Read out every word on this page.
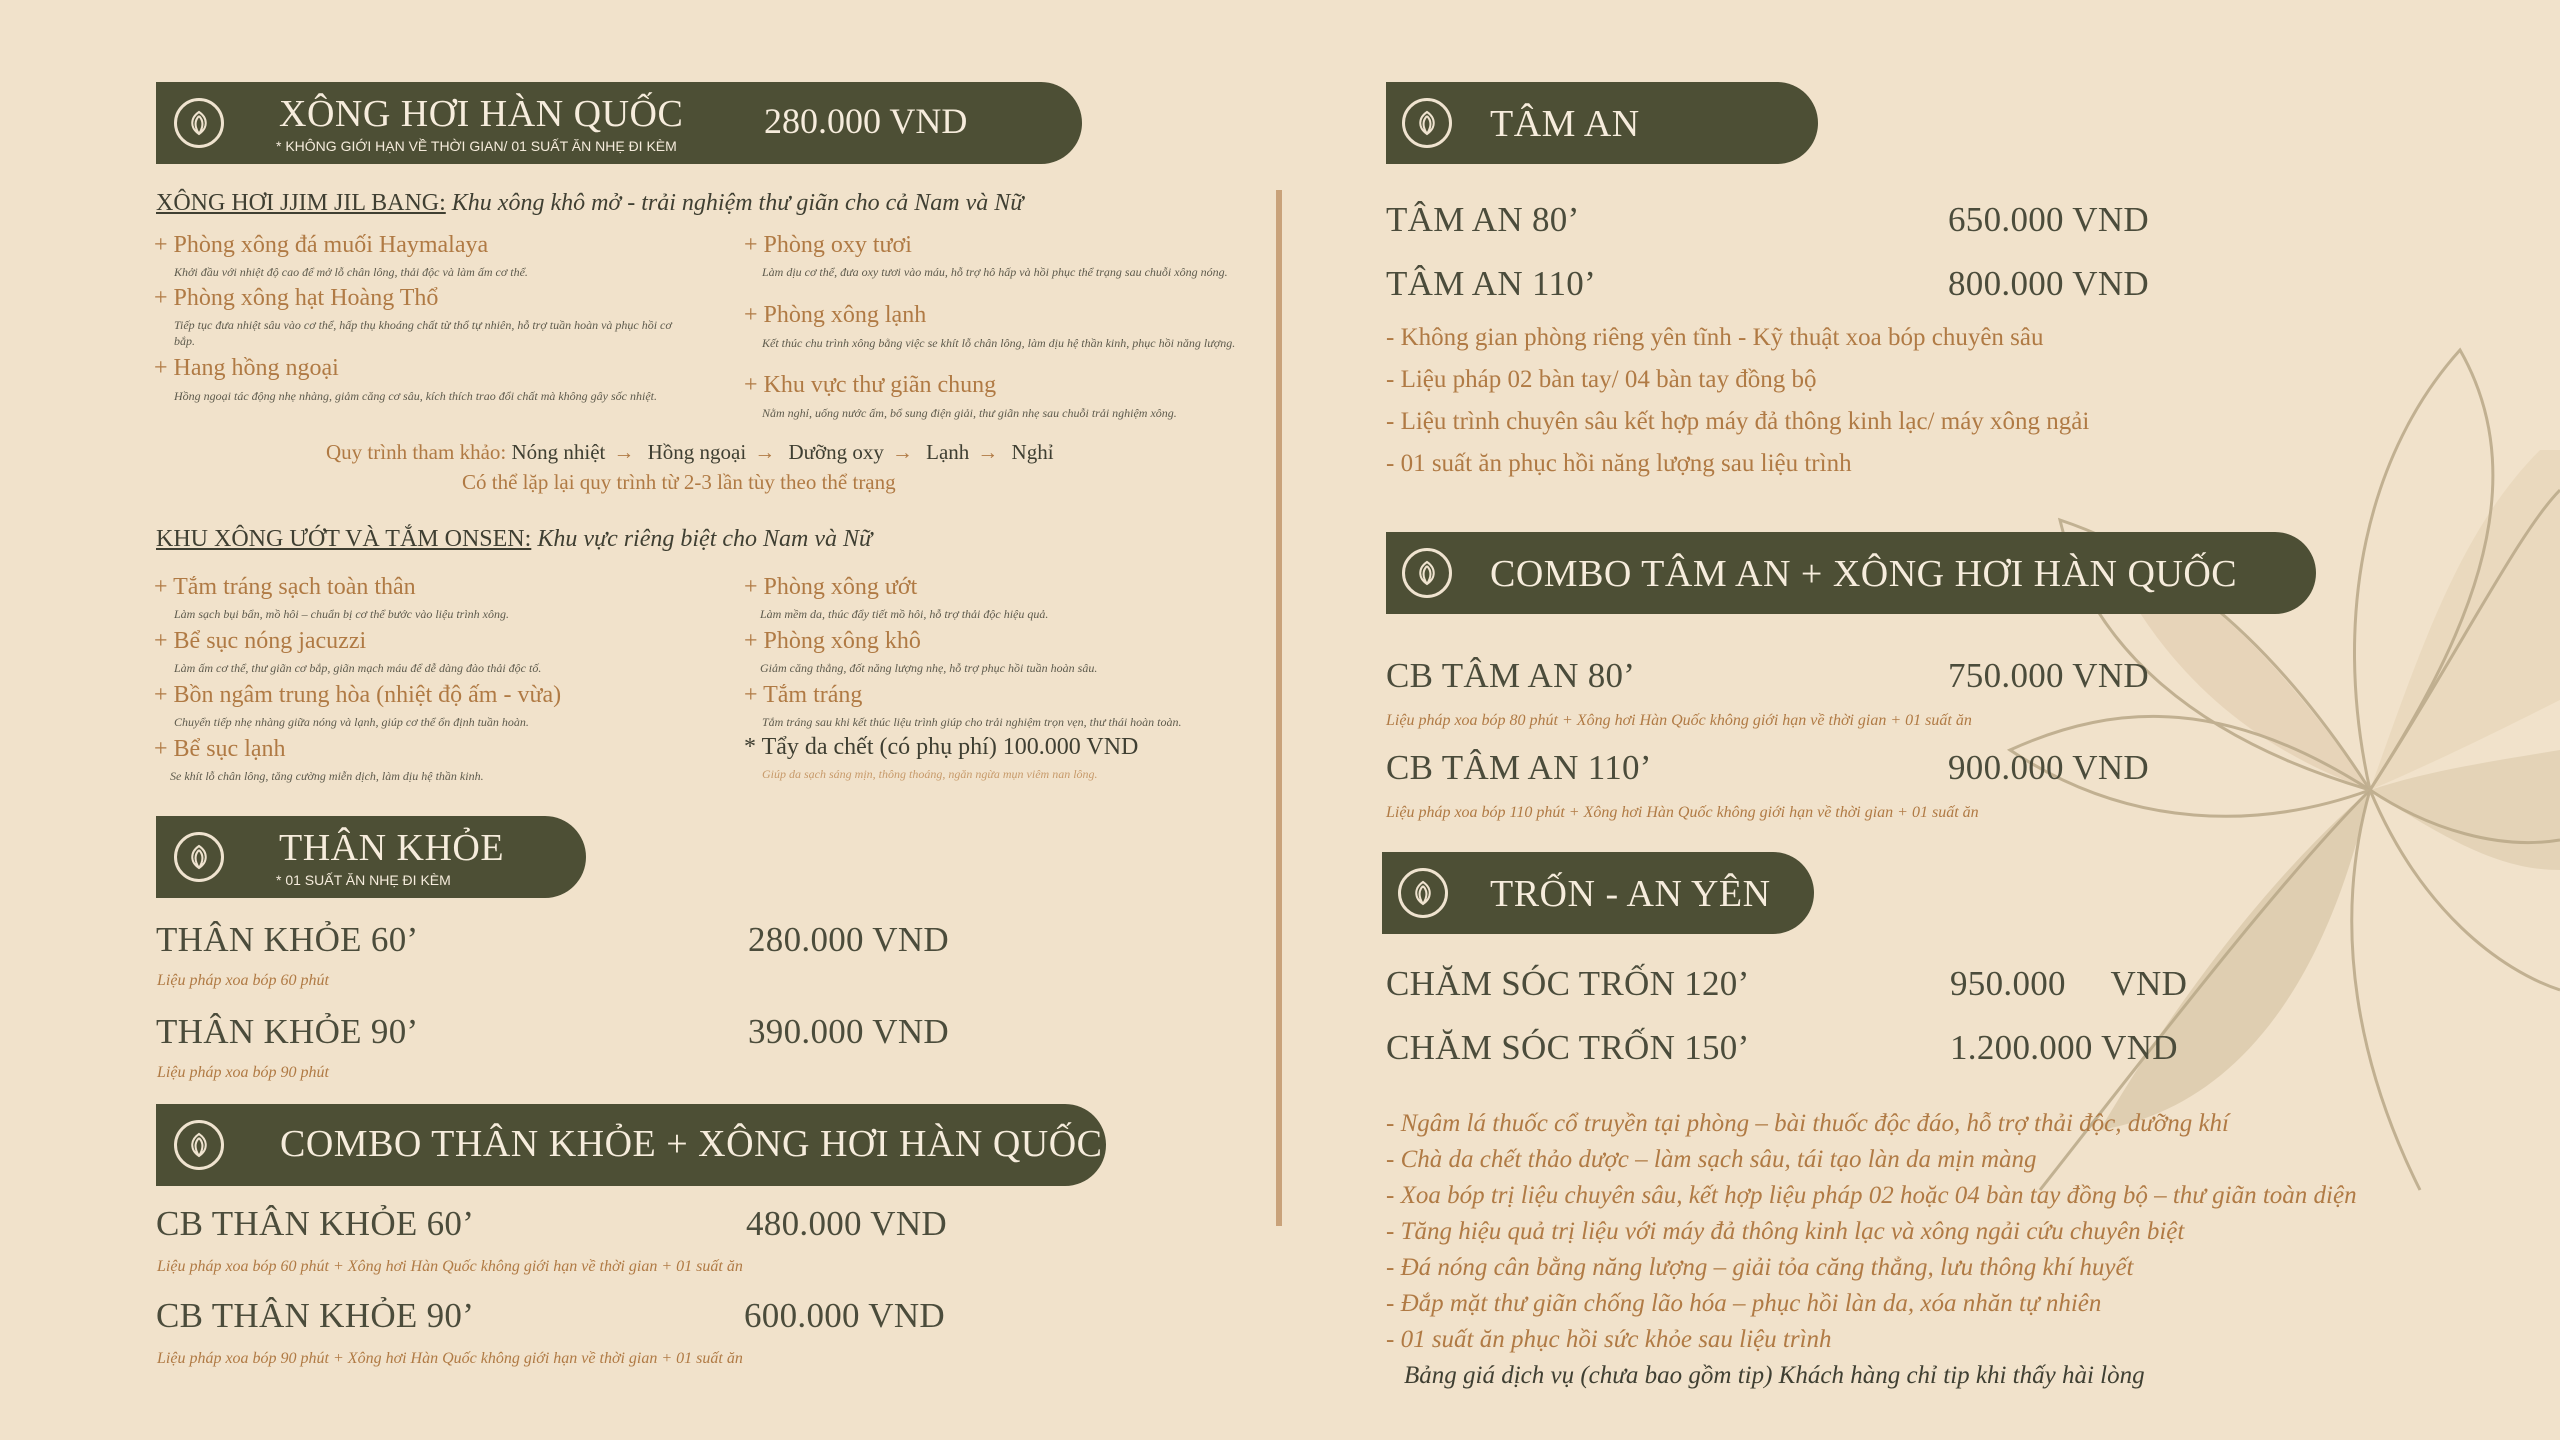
XÔNG HƠI HÀN QUỐC
* KHÔNG GIỚI HẠN VỀ THỜI GIAN/ 01 SUẤT ĂN NHẸ ĐI KÈM
280.000 VND
XÔNG HƠI JJIM JIL BANG: Khu xông khô mở - trải nghiệm thư giãn cho cả Nam và Nữ
+ Phòng xông đá muối Haymalaya
Khởi đầu với nhiệt độ cao để mở lỗ chân lông, thải độc và làm ấm cơ thể.
+ Phòng xông hạt Hoàng Thổ
Tiếp tục đưa nhiệt sâu vào cơ thể, hấp thụ khoáng chất từ thổ tự nhiên, hỗ trợ tuần hoàn và phục hồi cơ bắp.
+ Hang hồng ngoại
Hồng ngoại tác động nhẹ nhàng, giảm căng cơ sâu, kích thích trao đổi chất mà không gây sốc nhiệt.
+ Phòng oxy tươi
Làm dịu cơ thể, đưa oxy tươi vào máu, hỗ trợ hô hấp và hồi phục thể trạng sau chuỗi xông nóng.
+ Phòng xông lạnh
Kết thúc chu trình xông bằng việc se khít lỗ chân lông, làm dịu hệ thần kinh, phục hồi năng lượng.
+ Khu vực thư giãn chung
Nằm nghỉ, uống nước ấm, bổ sung điện giải, thư giãn nhẹ sau chuỗi trải nghiệm xông.
Quy trình tham khảo: Nóng nhiệt → Hồng ngoại → Dưỡng oxy → Lạnh → Nghỉ
Có thể lặp lại quy trình từ 2-3 lần tùy theo thể trạng
KHU XÔNG ƯỚT VÀ TẮM ONSEN: Khu vực riêng biệt cho Nam và Nữ
+ Tắm tráng sạch toàn thân
Làm sạch bụi bẩn, mồ hôi – chuẩn bị cơ thể bước vào liệu trình xông.
+ Bể sục nóng jacuzzi
Làm ấm cơ thể, thư giãn cơ bắp, giãn mạch máu để dễ dàng đào thải độc tố.
+ Bồn ngâm trung hòa (nhiệt độ ấm - vừa)
Chuyển tiếp nhẹ nhàng giữa nóng và lạnh, giúp cơ thể ổn định tuần hoàn.
+ Bể sục lạnh
Se khít lỗ chân lông, tăng cường miễn dịch, làm dịu hệ thần kinh.
+ Phòng xông ướt
Làm mềm da, thúc đẩy tiết mồ hôi, hỗ trợ thải độc hiệu quả.
+ Phòng xông khô
Giảm căng thẳng, đốt năng lượng nhẹ, hỗ trợ phục hồi tuần hoàn sâu.
+ Tắm tráng
Tắm tráng sau khi kết thúc liệu trình giúp cho trải nghiệm trọn vẹn, thư thái hoàn toàn.
* Tẩy da chết (có phụ phí) 100.000 VND
Giúp da sạch sáng mịn, thông thoáng, ngăn ngừa mụn viêm nan lông.
THÂN KHỎE
* 01 SUẤT ĂN NHẸ ĐI KÈM
THÂN KHỎE 60’	280.000 VND
Liệu pháp xoa bóp 60 phút
THÂN KHỎE 90’	390.000 VND
Liệu pháp xoa bóp 90 phút
COMBO THÂN KHỎE + XÔNG HƠI HÀN QUỐC
CB THÂN KHỎE 60’	480.000 VND
Liệu pháp xoa bóp 60 phút + Xông hơi Hàn Quốc không giới hạn về thời gian + 01 suất ăn
CB THÂN KHỎE 90’	600.000 VND
Liệu pháp xoa bóp 90 phút + Xông hơi Hàn Quốc không giới hạn về thời gian + 01 suất ăn
TÂM AN
TÂM AN 80’	650.000 VND
TÂM AN 110’	800.000 VND
- Không gian phòng riêng yên tĩnh - Kỹ thuật xoa bóp chuyên sâu
- Liệu pháp 02 bàn tay/ 04 bàn tay đồng bộ
- Liệu trình chuyên sâu kết hợp máy đả thông kinh lạc/ máy xông ngải
- 01 suất ăn phục hồi năng lượng sau liệu trình
COMBO TÂM AN + XÔNG HƠI HÀN QUỐC
CB TÂM AN 80’	750.000 VND
Liệu pháp xoa bóp 80 phút + Xông hơi Hàn Quốc không giới hạn về thời gian + 01 suất ăn
CB TÂM AN 110’	900.000 VND
Liệu pháp xoa bóp 110 phút + Xông hơi Hàn Quốc không giới hạn về thời gian + 01 suất ăn
TRỐN - AN YÊN
CHĂM SÓC TRỐN 120’	950.000     VND
CHĂM SÓC TRỐN 150’	1.200.000 VND
- Ngâm lá thuốc cổ truyền tại phòng – bài thuốc độc đáo, hỗ trợ thải độc, dưỡng khí
- Chà da chết thảo dược – làm sạch sâu, tái tạo làn da mịn màng
- Xoa bóp trị liệu chuyên sâu, kết hợp liệu pháp 02 hoặc 04 bàn tay đồng bộ – thư giãn toàn diện
- Tăng hiệu quả trị liệu với máy đả thông kinh lạc và xông ngải cứu chuyên biệt
- Đá nóng cân bằng năng lượng – giải tỏa căng thẳng, lưu thông khí huyết
- Đắp mặt thư giãn chống lão hóa – phục hồi làn da, xóa nhăn tự nhiên
- 01 suất ăn phục hồi sức khỏe sau liệu trình
Bảng giá dịch vụ (chưa bao gồm tip) Khách hàng chỉ tip khi thấy hài lòng
